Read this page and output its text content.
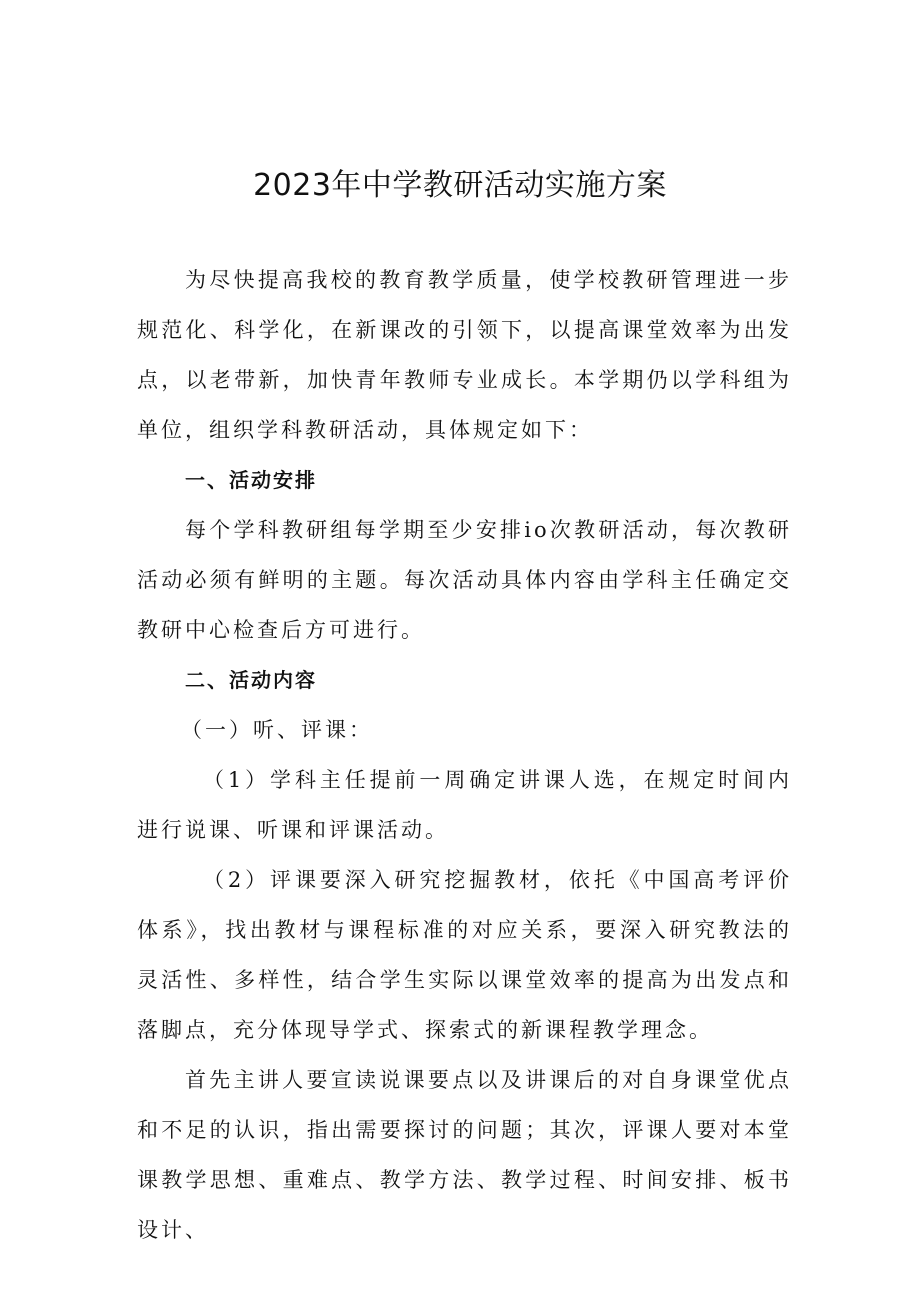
2023年中学教研活动实施方案

为尽快提高我校的教育教学质量，使学校教研管理进一步规范化、科学化，在新课改的引领下，以提高课堂效率为出发点，以老带新，加快青年教师专业成长。本学期仍以学科组为单位，组织学科教研活动，具体规定如下：

一、活动安排

每个学科教研组每学期至少安排io次教研活动，每次教研活动必须有鲜明的主题。每次活动具体内容由学科主任确定交教研中心检查后方可进行。

二、活动内容

（一）听、评课：

（1）学科主任提前一周确定讲课人选，在规定时间内进行说课、听课和评课活动。

（2）评课要深入研究挖掘教材，依托《中国高考评价体系》，找出教材与课程标准的对应关系，要深入研究教法的灵活性、多样性，结合学生实际以课堂效率的提高为出发点和落脚点，充分体现导学式、探索式的新课程教学理念。

首先主讲人要宣读说课要点以及讲课后的对自身课堂优点和不足的认识，指出需要探讨的问题；其次，评课人要对本堂课教学思想、重难点、教学方法、教学过程、时间安排、板书设计、
